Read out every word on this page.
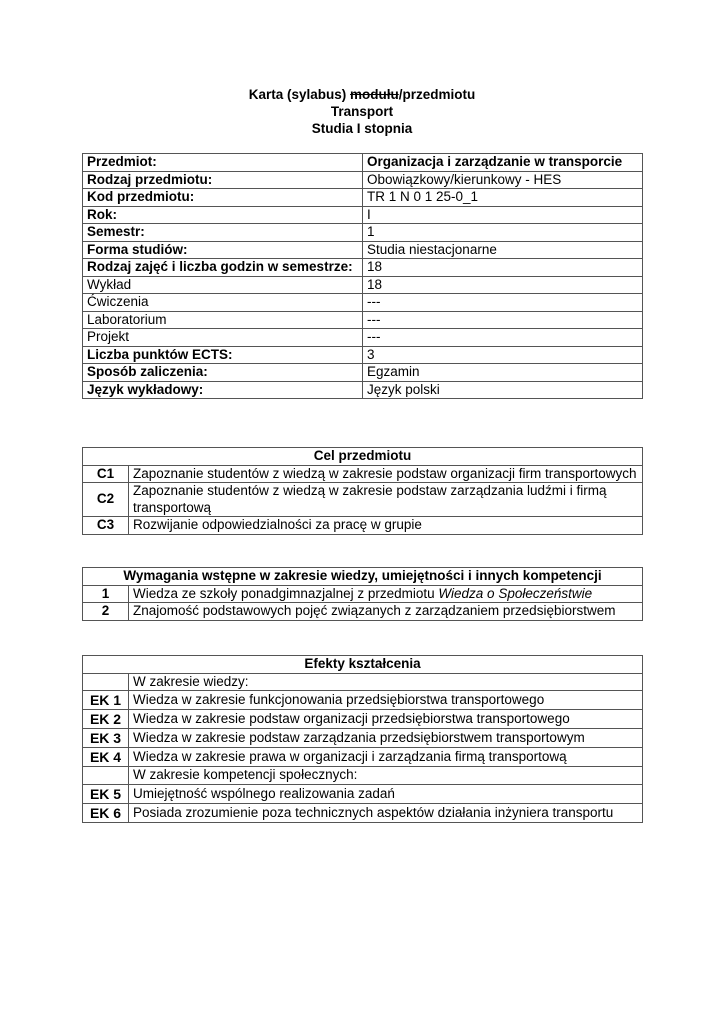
Karta (sylabus) modułu/przedmiotu
Transport
Studia I stopnia
Przedmiot:	Organizacja i zarządzanie w transporcie
Rodzaj przedmiotu:	Obowiązkowy/kierunkowy - HES
Kod przedmiotu:	TR 1 N 0 1 25-0_1
Rok:	I
Semestr:	1
Forma studiów:	Studia niestacjonarne
Rodzaj zajęć i liczba godzin w semestrze:	18
Wykład	18
Ćwiczenia	---
Laboratorium	---
Projekt	---
Liczba punktów ECTS:	3
Sposób zaliczenia:	Egzamin
Język wykładowy:	Język polski
Cel przedmiotu	
C1	Zapoznanie studentów z wiedzą w zakresie podstaw organizacji firm transportowych
C2	Zapoznanie studentów z wiedzą w zakresie podstaw zarządzania ludźmi i firmą transportową
C3	Rozwijanie odpowiedzialności za pracę w grupie
Wymagania wstępne w zakresie wiedzy, umiejętności i innych kompetencji	
1	Wiedza ze szkoły ponadgimnazjalnej z przedmiotu Wiedza o Społeczeństwie
2	Znajomość podstawowych pojęć związanych z zarządzaniem przedsiębiorstwem
Efekty kształcenia	
	W zakresie wiedzy:
EK 1	Wiedza w zakresie funkcjonowania przedsiębiorstwa transportowego
EK 2	Wiedza w zakresie podstaw organizacji przedsiębiorstwa transportowego
EK 3	Wiedza w zakresie podstaw zarządzania przedsiębiorstwem transportowym
EK 4	Wiedza w zakresie prawa w organizacji i zarządzania firmą transportową
	W zakresie kompetencji społecznych:
EK 5	Umiejętność wspólnego realizowania zadań
EK 6	Posiada zrozumienie poza technicznych aspektów działania inżyniera transportu
